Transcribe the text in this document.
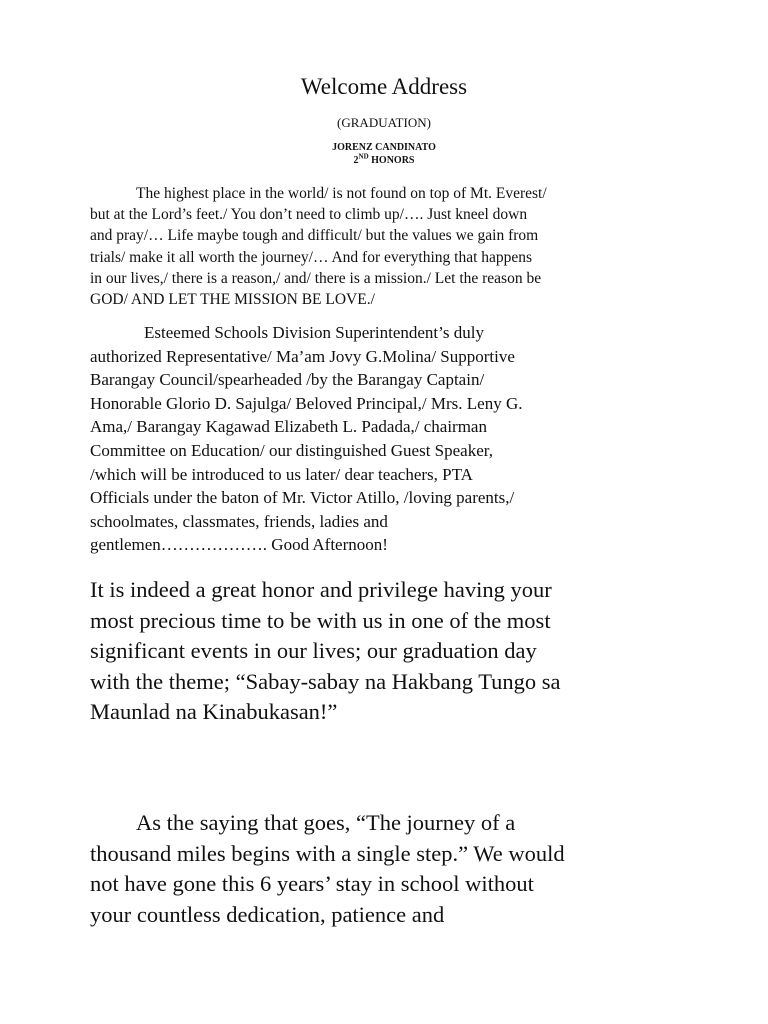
Welcome Address
(GRADUATION)
JORENZ CANDINATO
2ND HONORS
The highest place in the world/ is not found on top of Mt. Everest/
but at the Lord’s feet./ You don’t need to climb up/…. Just kneel down
and pray/… Life maybe tough and difficult/ but the values we gain from
trials/ make it all worth the journey/… And for everything that happens
in our lives,/ there is a reason,/ and/ there is a mission./ Let the reason be
GOD/ AND LET THE MISSION BE LOVE./
Esteemed Schools Division Superintendent’s duly
authorized Representative/ Ma’am Jovy G.Molina/ Supportive
Barangay Council/spearheaded /by the Barangay Captain/
Honorable Glorio D. Sajulga/ Beloved Principal,/ Mrs. Leny G.
Ama,/ Barangay Kagawad Elizabeth L. Padada,/ chairman
Committee on Education/ our distinguished Guest Speaker,
/which will be introduced to us later/ dear teachers, PTA
Officials under the baton of Mr. Victor Atillo, /loving parents,/
schoolmates, classmates, friends, ladies and
gentlemen………………. Good Afternoon!
It is indeed a great honor and privilege having your
most precious time to be with us in one of the most
significant events in our lives; our graduation day
with the theme; “Sabay-sabay na Hakbang Tungo sa
Maunlad na Kinabukasan!”
As the saying that goes, “The journey of a
thousand miles begins with a single step.” We would
not have gone this 6 years’ stay in school without
your countless dedication, patience and
